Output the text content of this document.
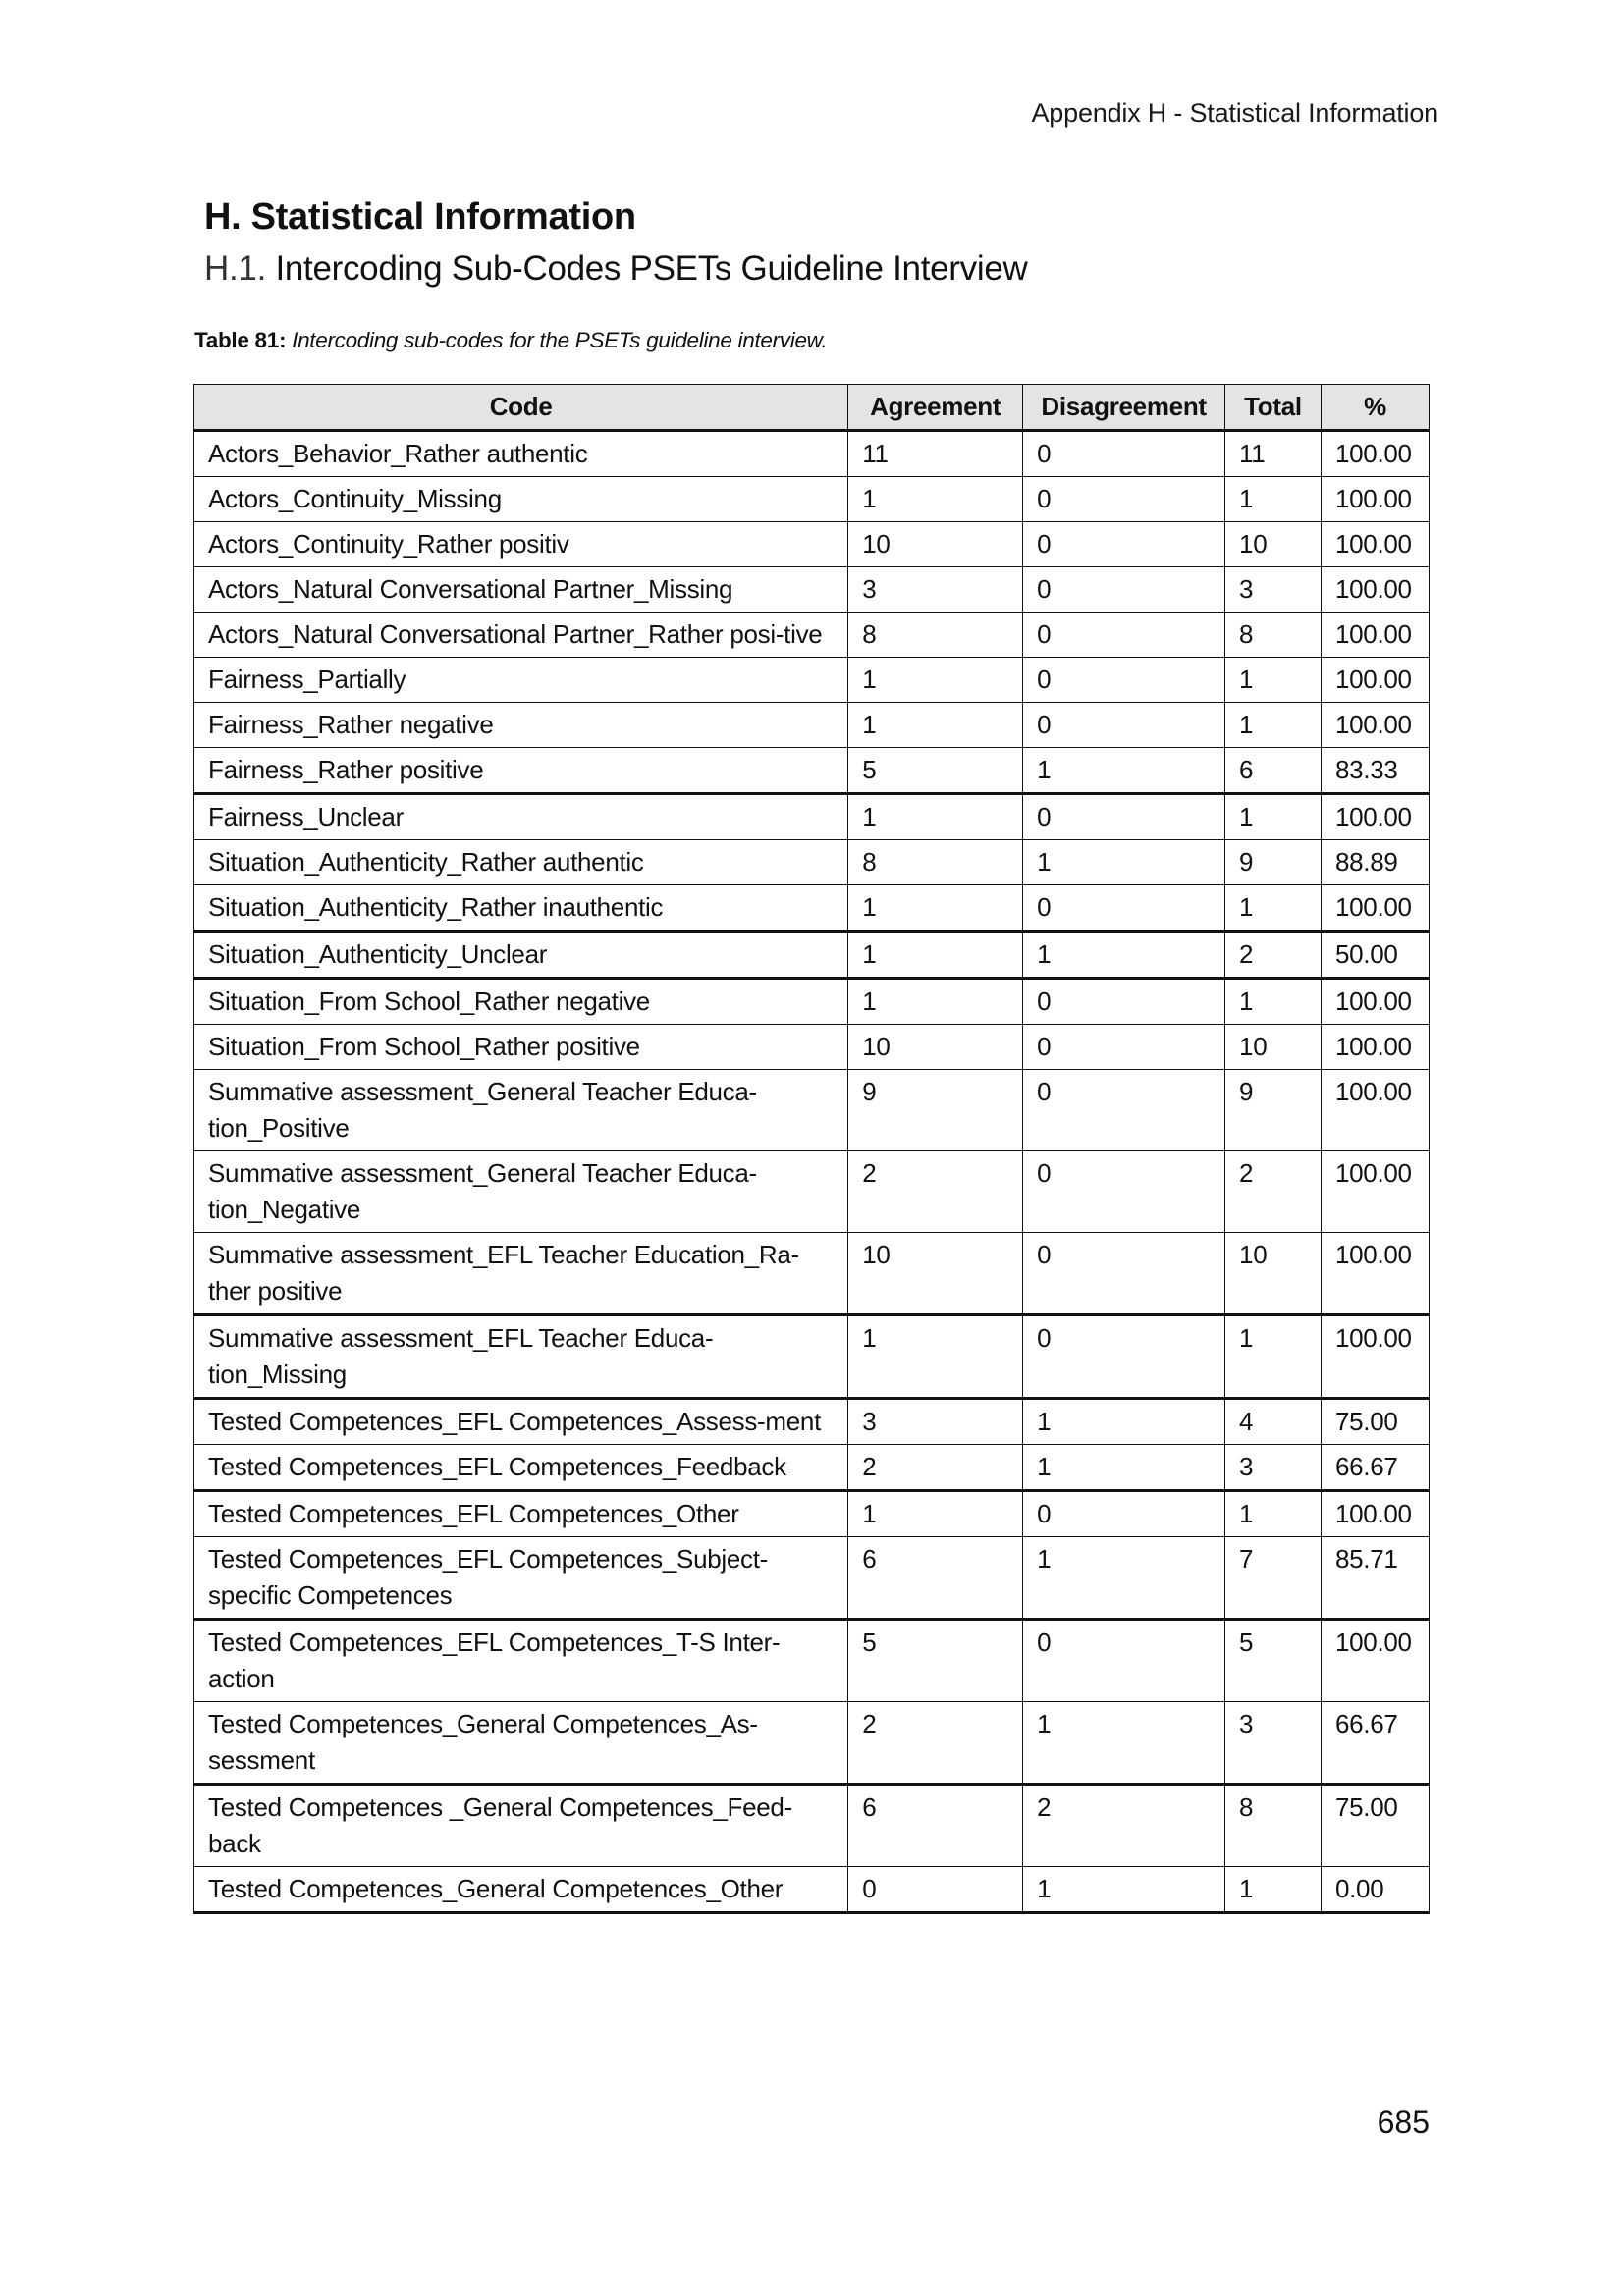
Appendix H - Statistical Information
H. Statistical Information
H.1. Intercoding Sub-Codes PSETs Guideline Interview
Table 81: Intercoding sub-codes for the PSETs guideline interview.
Code	Agreement	Disagreement	Total	%
Actors_Behavior_Rather authentic	11	0	11	100.00
Actors_Continuity_Missing	1	0	1	100.00
Actors_Continuity_Rather positiv	10	0	10	100.00
Actors_Natural Conversational Partner_Missing	3	0	3	100.00
Actors_Natural Conversational Partner_Rather posi-tive	8	0	8	100.00
Fairness_Partially	1	0	1	100.00
Fairness_Rather negative	1	0	1	100.00
Fairness_Rather positive	5	1	6	83.33
Fairness_Unclear	1	0	1	100.00
Situation_Authenticity_Rather authentic	8	1	9	88.89
Situation_Authenticity_Rather inauthentic	1	0	1	100.00
Situation_Authenticity_Unclear	1	1	2	50.00
Situation_From School_Rather negative	1	0	1	100.00
Situation_From School_Rather positive	10	0	10	100.00
Summative assessment_General Teacher Educa-tion_Positive	9	0	9	100.00
Summative assessment_General Teacher Educa-tion_Negative	2	0	2	100.00
Summative assessment_EFL Teacher Education_Ra-ther positive	10	0	10	100.00
Summative assessment_EFL Teacher Educa-tion_Missing	1	0	1	100.00
Tested Competences_EFL Competences_Assess-ment	3	1	4	75.00
Tested Competences_EFL Competences_Feedback	2	1	3	66.67
Tested Competences_EFL Competences_Other	1	0	1	100.00
Tested Competences_EFL Competences_Subject-specific Competences	6	1	7	85.71
Tested Competences_EFL Competences_T-S Inter-action	5	0	5	100.00
Tested Competences_General Competences_As-sessment	2	1	3	66.67
Tested Competences _General Competences_Feed-back	6	2	8	75.00
Tested Competences_General Competences_Other	0	1	1	0.00
685
